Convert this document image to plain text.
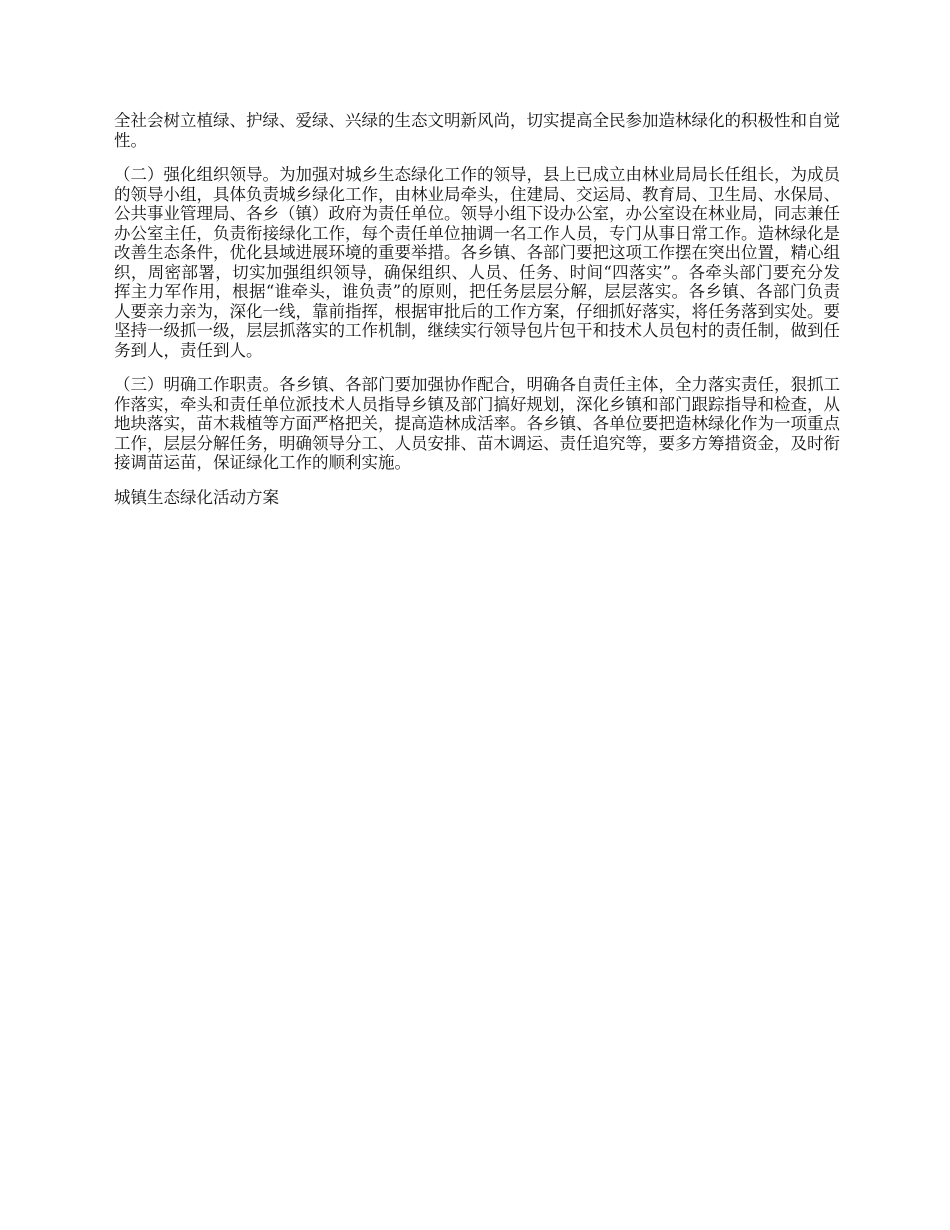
全社会树立植绿、护绿、爱绿、兴绿的生态文明新风尚，切实提高全民参加造林绿化的积极性和自觉性。

（二）强化组织领导。为加强对城乡生态绿化工作的领导，县上已成立由林业局局长任组长，为成员的领导小组，具体负责城乡绿化工作，由林业局牵头，住建局、交运局、教育局、卫生局、水保局、公共事业管理局、各乡（镇）政府为责任单位。领导小组下设办公室，办公室设在林业局，同志兼任办公室主任，负责衔接绿化工作，每个责任单位抽调一名工作人员，专门从事日常工作。造林绿化是改善生态条件，优化县域进展环境的重要举措。各乡镇、各部门要把这项工作摆在突出位置，精心组织，周密部署，切实加强组织领导，确保组织、人员、任务、时间“四落实”。各牵头部门要充分发挥主力军作用，根据“谁牵头，谁负责”的原则，把任务层层分解，层层落实。各乡镇、各部门负责人要亲力亲为，深化一线，靠前指挥，根据审批后的工作方案，仔细抓好落实，将任务落到实处。要坚持一级抓一级，层层抓落实的工作机制，继续实行领导包片包干和技术人员包村的责任制，做到任务到人，责任到人。

（三）明确工作职责。各乡镇、各部门要加强协作配合，明确各自责任主体，全力落实责任，狠抓工作落实，牵头和责任单位派技术人员指导乡镇及部门搞好规划，深化乡镇和部门跟踪指导和检查，从地块落实，苗木栽植等方面严格把关，提高造林成活率。各乡镇、各单位要把造林绿化作为一项重点工作，层层分解任务，明确领导分工、人员安排、苗木调运、责任追究等，要多方筹措资金，及时衔接调苗运苗，保证绿化工作的顺利实施。

城镇生态绿化活动方案
